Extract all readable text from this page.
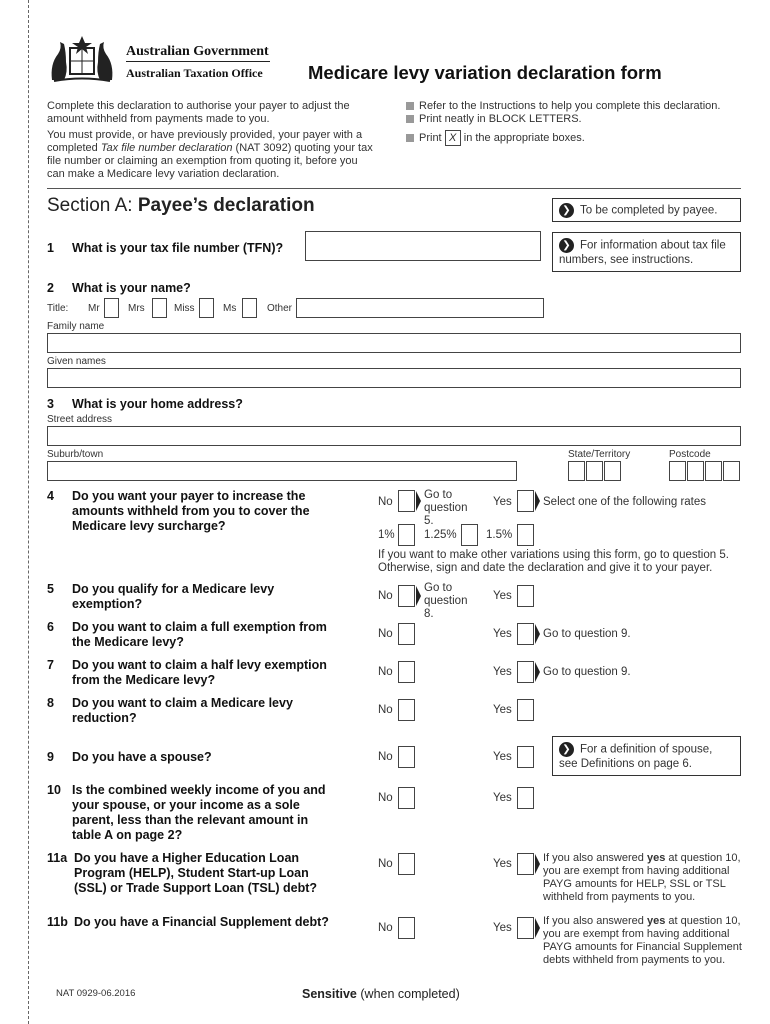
Australian Government
Australian Taxation Office Medicare levy variation declaration form
Complete this declaration to authorise your payer to adjust the amount withheld from payments made to you.
You must provide, or have previously provided, your payer with a completed Tax file number declaration (NAT 3092) quoting your tax file number or claiming an exemption from quoting it, before you can make a Medicare levy variation declaration.
Refer to the Instructions to help you complete this declaration.
Print neatly in BLOCK LETTERS.
Print X in the appropriate boxes.
Section A: Payee’s declaration	❯ To be completed by payee.
1 What is your tax file number (TFN)?	❯ For information about tax file numbers, see instructions.
2 What is your name?
Title: Mr	Mrs	Miss	Ms	Other
Family name
Given names
3 What is your home address?
Street address
Suburb/town	State/Territory	Postcode
4 Do you want your payer to increase the amounts withheld from you to cover the Medicare levy surcharge?
No
Go to question 5.
Yes	Select one of the following rates
1%	1.25%	1.5%
If you want to make other variations using this form, go to question 5. Otherwise, sign and date the declaration and give it to your payer.
5 Do you qualify for a Medicare levy exemption?
No
Go to question 8.
Yes
6 Do you want to claim a full exemption from the Medicare levy?
No	Yes	Go to question 9.
7 Do you want to claim a half levy exemption from the Medicare levy?
No	Yes	Go to question 9.
8 Do you want to claim a Medicare levy reduction?
No	Yes
9 Do you have a spouse?	No	Yes
❯ For a definition of spouse, see Definitions on page 6.
10 Is the combined weekly income of you and your spouse, or your income as a sole parent, less than the relevant amount in table A on page 2?
No	Yes
11a Do you have a Higher Education Loan Program (HELP), Student Start-up Loan (SSL) or Trade Support Loan (TSL) debt?
No	Yes	If you also answered yes at question 10, you are exempt from having additional PAYG amounts for HELP, SSL or TSL withheld from payments to you.
11b Do you have a Financial Supplement debt?	No	Yes
If you also answered yes at question 10, you are exempt from having additional PAYG amounts for Financial Supplement debts withheld from payments to you.
NAT 0929-06.2016	Sensitive (when completed)
